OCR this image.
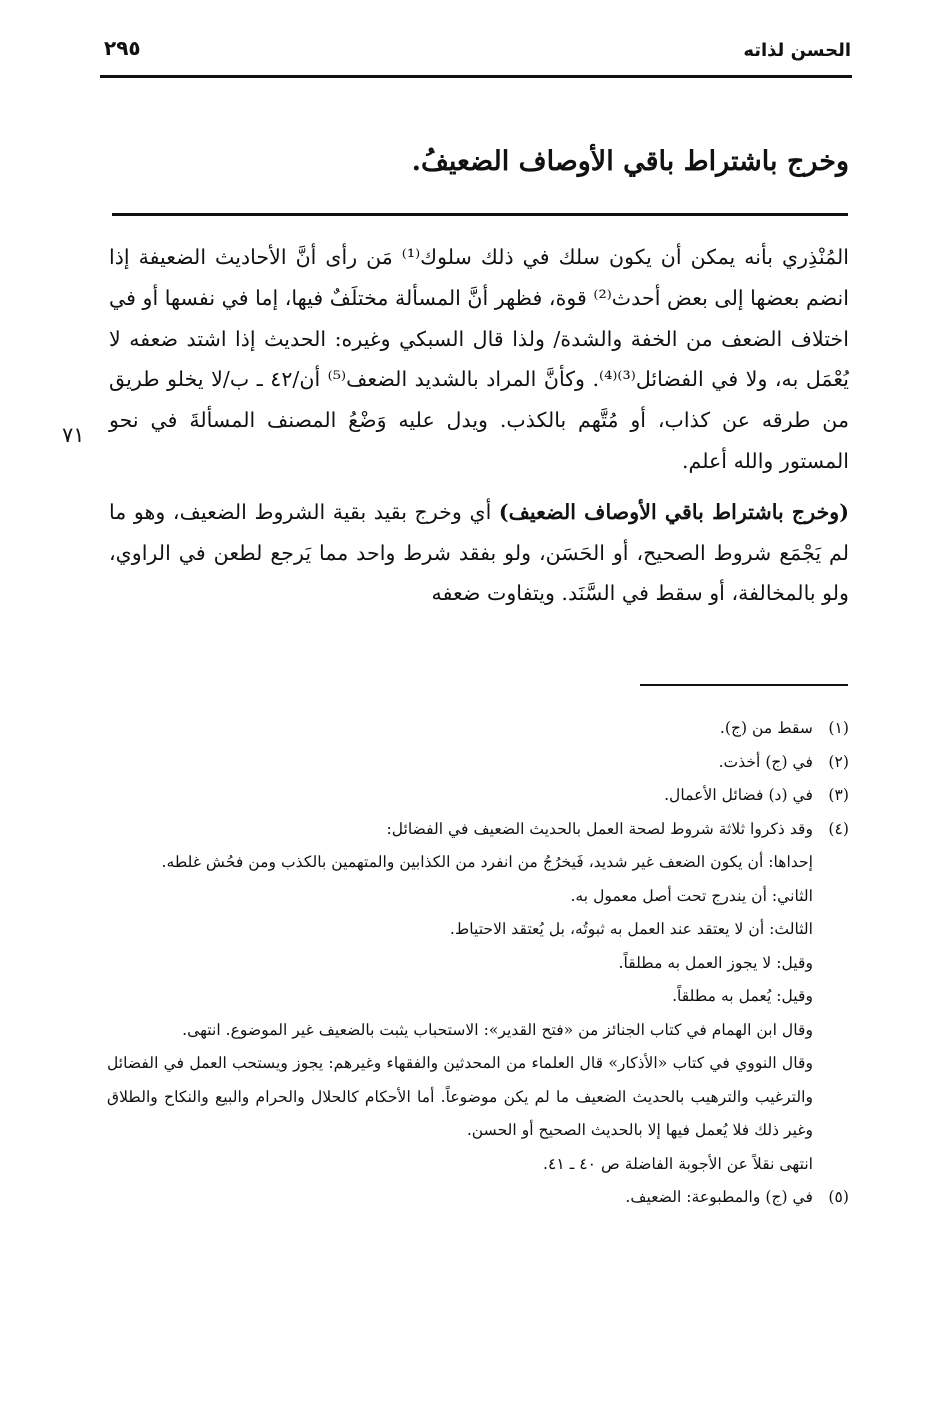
الحسن لذاته
٢٩٥
وخرج باشتراط باقي الأوصاف الضعيفُ.

المُنْذِري بأنه يمكن أن يكون سلك في ذلك سلوك⁽¹⁾ مَن رأى أنَّ الأحاديث الضعيفة إذا انضم بعضها إلى بعض أحدث⁽²⁾ قوة، فظهر أنَّ المسألة مختلَفٌ فيها، إما في نفسها أو في اختلاف الضعف من الخفة والشدة/ ولذا قال السبكي وغيره: الحديث إذا اشتد ضعفه لا يُعْمَل به، ولا في الفضائل⁽³⁾⁽⁴⁾. وكأنَّ المراد بالشديد الضعف⁽⁵⁾ أن/٤٢ ـ ب/لا يخلو طريق من طرقه عن كذاب، أو مُتَّهم بالكذب. ويدل عليه وَضْعُ المصنف المسألةَ في نحو المستور والله أعلم.

(وخرج باشتراط باقي الأوصاف الضعيف) أي وخرج بقيد بقية الشروط الضعيف، وهو ما لم يَجْمَع شروط الصحيح، أو الحَسَن، ولو بفقد شرط واحد مما يَرجع لطعن في الراوي، ولو بالمخالفة، أو سقط في السَّنَد. ويتفاوت ضعفه

٧١
(١)سقط من (ج).
(٢)في (ج) أخذت.
(٣)في (د) فضائل الأعمال.
(٤)وقد ذكروا ثلاثة شروط لصحة العمل بالحديث الضعيف في الفضائل:
إحداها: أن يكون الضعف غير شديد، فَيخرُجُ من انفرد من الكذابين والمتهمين بالكذب ومن فحُش غلطه.
الثاني: أن يندرج تحت أصل معمول به.
الثالث: أن لا يعتقد عند العمل به ثبوتُه، بل يُعتقد الاحتياط.
وقيل: لا يجوز العمل به مطلقاً.
وقيل: يُعمل به مطلقاً.
وقال ابن الهمام في كتاب الجنائز من «فتح القدير»: الاستحباب يثبت بالضعيف غير الموضوع. انتهى.
وقال النووي في كتاب «الأذكار» قال العلماء من المحدثين والفقهاء وغيرهم: يجوز ويستحب العمل في الفضائل والترغيب والترهيب بالحديث الضعيف ما لم يكن موضوعاً. أما الأحكام كالحلال والحرام والبيع والنكاح والطلاق وغير ذلك فلا يُعمل فيها إلا بالحديث الصحيح أو الحسن.
انتهى نقلاً عن الأجوبة الفاضلة ص ٤٠ ـ ٤١.
(٥)في (ج) والمطبوعة: الضعيف.
